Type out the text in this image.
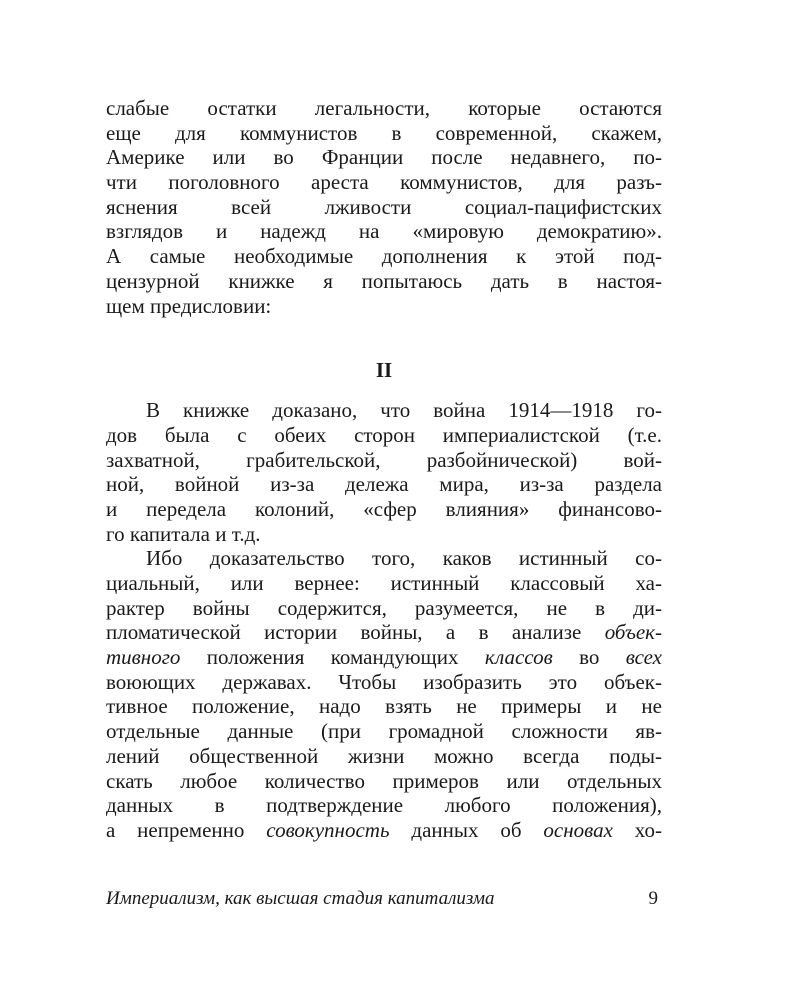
слабые остатки легальности, которые остаются
еще для коммунистов в современной, скажем,
Америке или во Франции после недавнего, по-
чти поголовного ареста коммунистов, для разъ-
яснения всей лживости социал-пацифистских
взглядов и надежд на «мировую демократию».
А самые необходимые дополнения к этой под-
цензурной книжке я попытаюсь дать в настоя-
щем предисловии:
II
В книжке доказано, что война 1914—1918 го-
дов была с обеих сторон империалистской (т.е.
захватной, грабительской, разбойнической) вой-
ной, войной из-за дележа мира, из-за раздела
и передела колоний, «сфер влияния» финансово-
го капитала и т.д.
Ибо доказательство того, каков истинный со-
циальный, или вернее: истинный классовый ха-
рактер войны содержится, разумеется, не в ди-
пломатической истории войны, а в анализе объек-
тивного положения командующих классов во всех
воюющих державах. Чтобы изобразить это объек-
тивное положение, надо взять не примеры и не
отдельные данные (при громадной сложности яв-
лений общественной жизни можно всегда поды-
скать любое количество примеров или отдельных
данных в подтверждение любого положения),
а непременно совокупность данных об основах хо-
Империализм, как высшая стадия капитализма	9
